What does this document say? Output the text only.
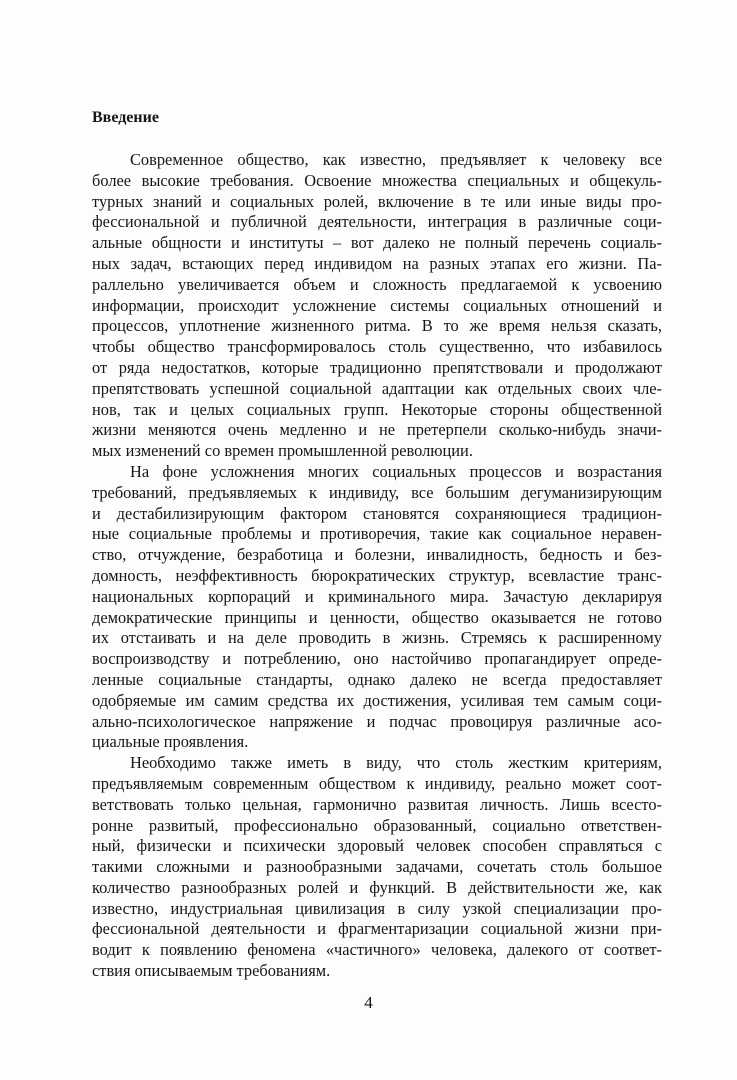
Введение

Современное общество, как известно, предъявляет к человеку все
более высокие требования. Освоение множества специальных и общекуль-
турных знаний и социальных ролей, включение в те или иные виды про-
фессиональной и публичной деятельности, интеграция в различные соци-
альные общности и институты – вот далеко не полный перечень социаль-
ных задач, встающих перед индивидом на разных этапах его жизни. Па-
раллельно увеличивается объем и сложность предлагаемой к усвоению
информации, происходит усложнение системы социальных отношений и
процессов, уплотнение жизненного ритма. В то же время нельзя сказать,
чтобы общество трансформировалось столь существенно, что избавилось
от ряда недостатков, которые традиционно препятствовали и продолжают
препятствовать успешной социальной адаптации как отдельных своих чле-
нов, так и целых социальных групп. Некоторые стороны общественной
жизни меняются очень медленно и не претерпели сколько-нибудь значи-
мых изменений со времен промышленной революции.

На фоне усложнения многих социальных процессов и возрастания
требований, предъявляемых к индивиду, все большим дегуманизирующим
и дестабилизирующим фактором становятся сохраняющиеся традицион-
ные социальные проблемы и противоречия, такие как социальное неравен-
ство, отчуждение, безработица и болезни, инвалидность, бедность и без-
домность, неэффективность бюрократических структур, всевластие транс-
национальных корпораций и криминального мира. Зачастую декларируя
демократические принципы и ценности, общество оказывается не готово
их отстаивать и на деле проводить в жизнь. Стремясь к расширенному
воспроизводству и потреблению, оно настойчиво пропагандирует опреде-
ленные социальные стандарты, однако далеко не всегда предоставляет
одобряемые им самим средства их достижения, усиливая тем самым соци-
ально-психологическое напряжение и подчас провоцируя различные асо-
циальные проявления.

Необходимо также иметь в виду, что столь жестким критериям,
предъявляемым современным обществом к индивиду, реально может соот-
ветствовать только цельная, гармонично развитая личность. Лишь всесто-
ронне развитый, профессионально образованный, социально ответствен-
ный, физически и психически здоровый человек способен справляться с
такими сложными и разнообразными задачами, сочетать столь большое
количество разнообразных ролей и функций. В действительности же, как
известно, индустриальная цивилизация в силу узкой специализации про-
фессиональной деятельности и фрагментаризации социальной жизни при-
водит к появлению феномена «частичного» человека, далекого от соответ-
ствия описываемым требованиям.

4
